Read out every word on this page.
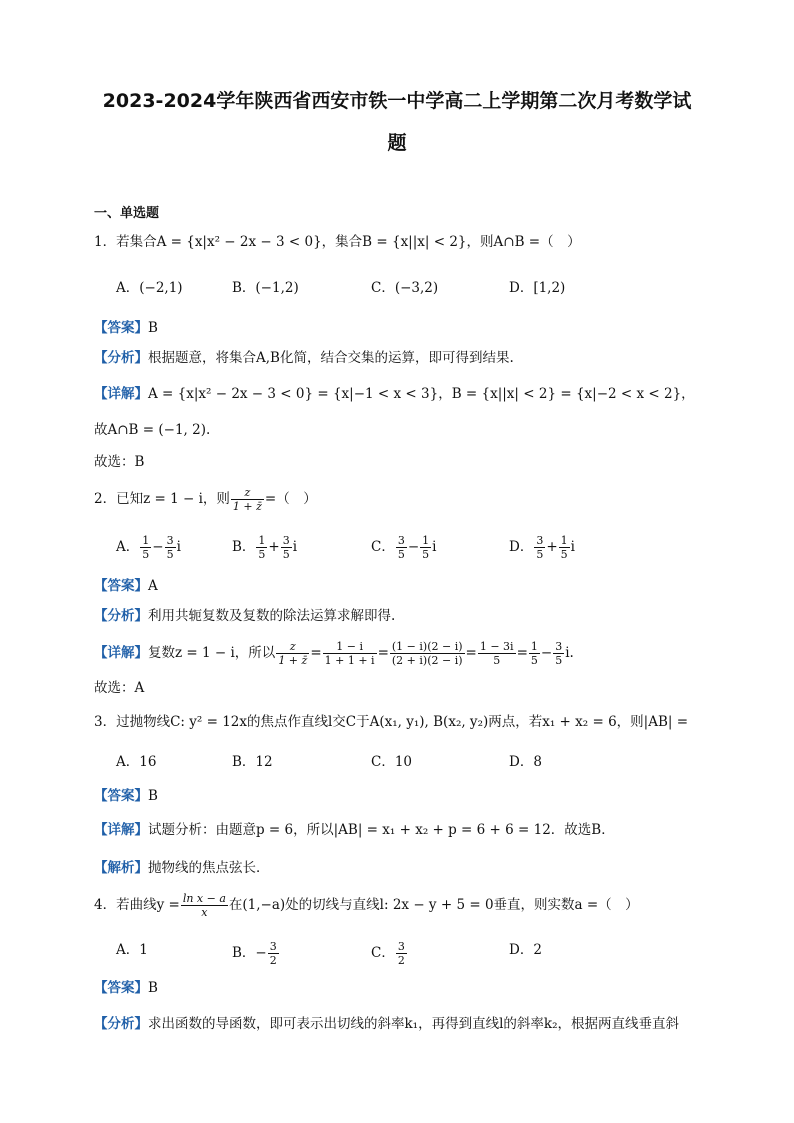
2023-2024学年陕西省西安市铁一中学高二上学期第二次月考数学试
题
一、单选题
1．若集合A = {x|x² − 2x − 3 < 0}，集合B = {x||x| < 2}，则A∩B =（　）
A．(−2,1)	B．(−1,2)	C．(−3,2)	D．[1,2)
【答案】B
【分析】根据题意，将集合A,B化简，结合交集的运算，即可得到结果.
【详解】A = {x|x² − 2x − 3 < 0} = {x|−1 < x < 3}，B = {x||x| < 2} = {x|−2 < x < 2}，
故A∩B = (−1, 2).
故选：B
2．已知z = 1 − i，则 $\frac{z}{1 + z̄}$ =（　）
A． $\frac{1}{5} - \frac{3}{5}$ i	B． $\frac{1}{5} + \frac{3}{5}$ i	C． $\frac{3}{5} - \frac{1}{5}$ i	D． $\frac{3}{5} + \frac{1}{5}$ i
【答案】A
【分析】利用共轭复数及复数的除法运算求解即得.
【详解】复数z = 1 − i，所以 $\frac{z}{1 + z̄} = \frac{1 - i}{1 + 1 + i} = \frac{(1 - i)(2 - i)}{(2 + i)(2 - i)} = \frac{1 - 3i}{5} = \frac{1}{5} - \frac{3}{5} i$.
故选：A
3．过抛物线C: y² = 12x的焦点作直线l交C于A(x₁, y₁), B(x₂, y₂)两点，若x₁ + x₂ = 6，则|AB| =
A．16	B．12	C．10	D．8
【答案】B
【详解】试题分析：由题意p = 6，所以|AB| = x₁ + x₂ + p = 6 + 6 = 12．故选B．
【解析】抛物线的焦点弦长．
4．若曲线$y = \frac{\text{ln x − a}}{x}$ 在(1,−a)处的切线与直线l: 2x − y + 5 = 0垂直，则实数a =（　）
A．1	B．− $\frac{3}{2}$	C． $\frac{3}{2}$	D．2
【答案】B
【分析】求出函数的导函数，即可表示出切线的斜率k₁，再得到直线l的斜率k₂，根据两直线垂直斜
